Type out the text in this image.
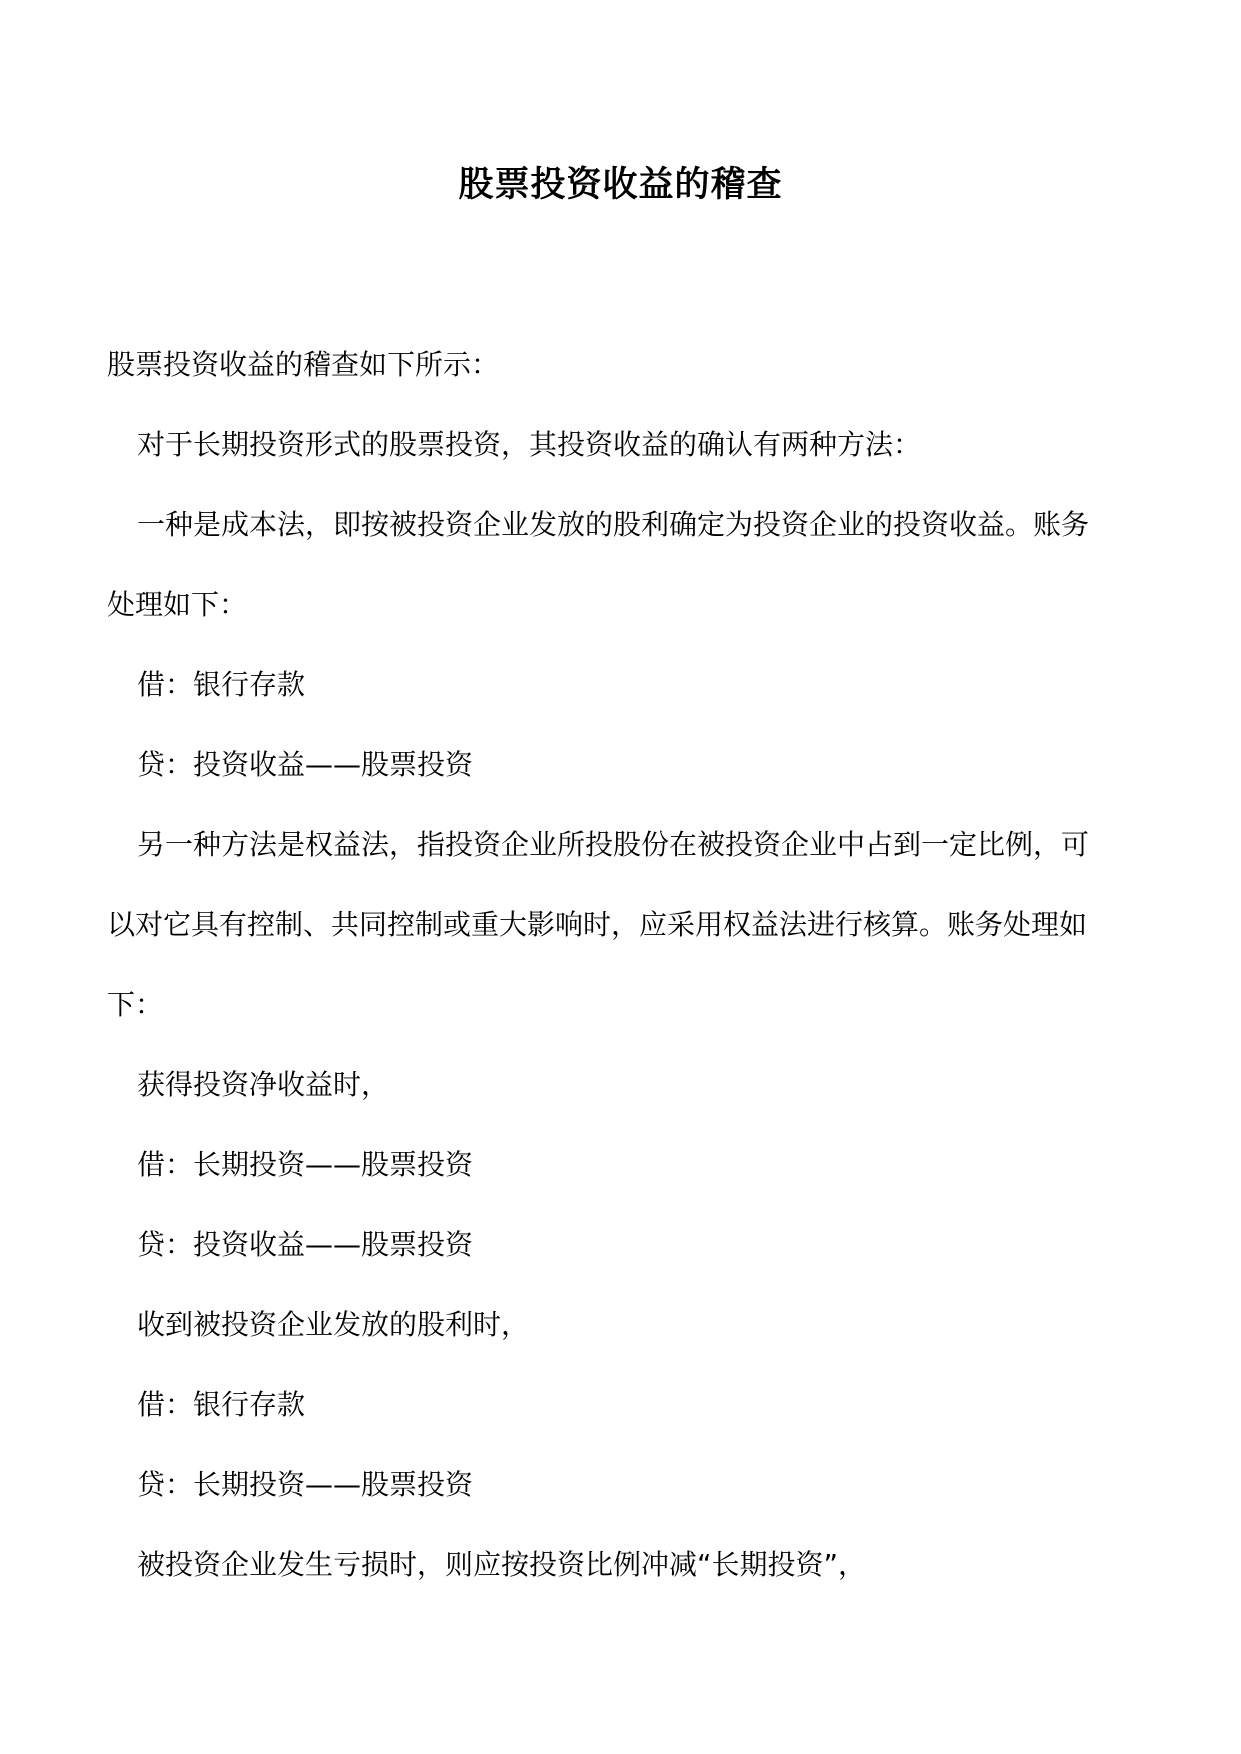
股票投资收益的稽查
股票投资收益的稽查如下所示：
对于长期投资形式的股票投资，其投资收益的确认有两种方法：
一种是成本法，即按被投资企业发放的股利确定为投资企业的投资收益。账务
处理如下：
借：银行存款
贷：投资收益——股票投资
另一种方法是权益法，指投资企业所投股份在被投资企业中占到一定比例，可
以对它具有控制、共同控制或重大影响时，应采用权益法进行核算。账务处理如
下：
获得投资净收益时，
借：长期投资——股票投资
贷：投资收益——股票投资
收到被投资企业发放的股利时，
借：银行存款
贷：长期投资——股票投资
被投资企业发生亏损时，则应按投资比例冲减“长期投资”，
